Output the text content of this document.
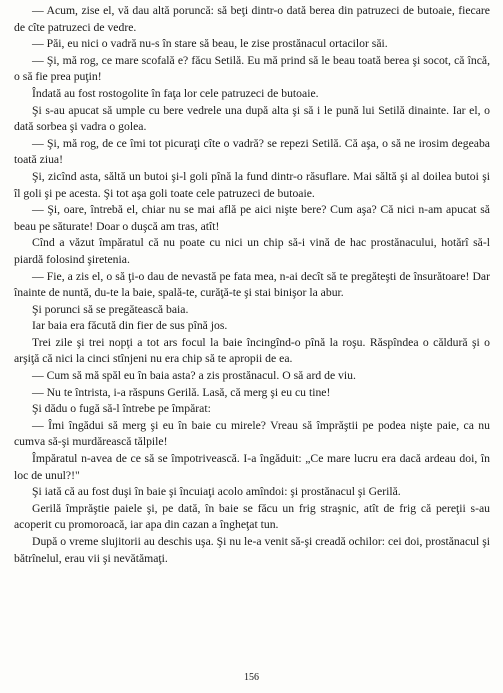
— Acum, zise el, vă dau altă poruncă: să beţi dintr-o dată berea din patruzeci de butoaie, fiecare de cîte patruzeci de vedre.

— Păi, eu nici o vadră nu-s în stare să beau, le zise prostănacul ortacilor săi.

— Şi, mă rog, ce mare scofală e? făcu Setilă. Eu mă prind să le beau toată berea şi socot, că încă, o să fie prea puţin!

Îndată au fost rostogolite în faţa lor cele patruzeci de butoaie.

Şi s-au apucat să umple cu bere vedrele una după alta şi să i le pună lui Setilă dinainte. Iar el, o dată sorbea şi vadra o golea.

— Şi, mă rog, de ce îmi tot picuraţi cîte o vadră? se repezi Setilă. Că aşa, o să ne irosim degeaba toată ziua!

Şi, zicînd asta, săltă un butoi şi-l goli pînă la fund dintr-o răsuflare. Mai săltă şi al doilea butoi şi îl goli şi pe acesta. Şi tot aşa goli toate cele patruzeci de butoaie.

— Şi, oare, întrebă el, chiar nu se mai află pe aici nişte bere? Cum aşa? Că nici n-am apucat să beau pe săturate! Doar o duşcă am tras, atît!

Cînd a văzut împăratul că nu poate cu nici un chip să-i vină de hac prostănacului, hotărî să-l piardă folosind şiretenia.

— Fie, a zis el, o să ţi-o dau de nevastă pe fata mea, n-ai decît să te pregăteşti de însurătoare! Dar înainte de nuntă, du-te la baie, spală-te, curăţă-te şi stai binişor la abur.

Şi porunci să se pregătească baia.

Iar baia era făcută din fier de sus pînă jos.

Trei zile şi trei nopţi a tot ars focul la baie încingînd-o pînă la roşu. Răspîndea o căldură şi o arşiţă că nici la cinci stînjeni nu era chip să te apropii de ea.

— Cum să mă spăl eu în baia asta? a zis prostănacul. O să ard de viu.

— Nu te întrista, i-a răspuns Gerilă. Lasă, că merg şi eu cu tine!

Şi dădu o fugă să-l întrebe pe împărat:

— Îmi îngădui să merg şi eu în baie cu mirele? Vreau să împrăştii pe podea nişte paie, ca nu cumva să-şi murdărească tălpile!

Împăratul n-avea de ce să se împotrivească. I-a îngăduit: „Ce mare lucru era dacă ardeau doi, în loc de unul?!"

Şi iată că au fost duşi în baie şi încuiaţi acolo amîndoi: şi prostănacul şi Gerilă.

Gerilă împrăştie paiele şi, pe dată, în baie se făcu un frig straşnic, atît de frig că pereţii s-au acoperit cu promoroacă, iar apa din cazan a îngheţat tun.

După o vreme slujitorii au deschis uşa. Şi nu le-a venit să-şi creadă ochilor: cei doi, prostănacul şi bătrînelul, erau vii şi nevătămaţi.

156
